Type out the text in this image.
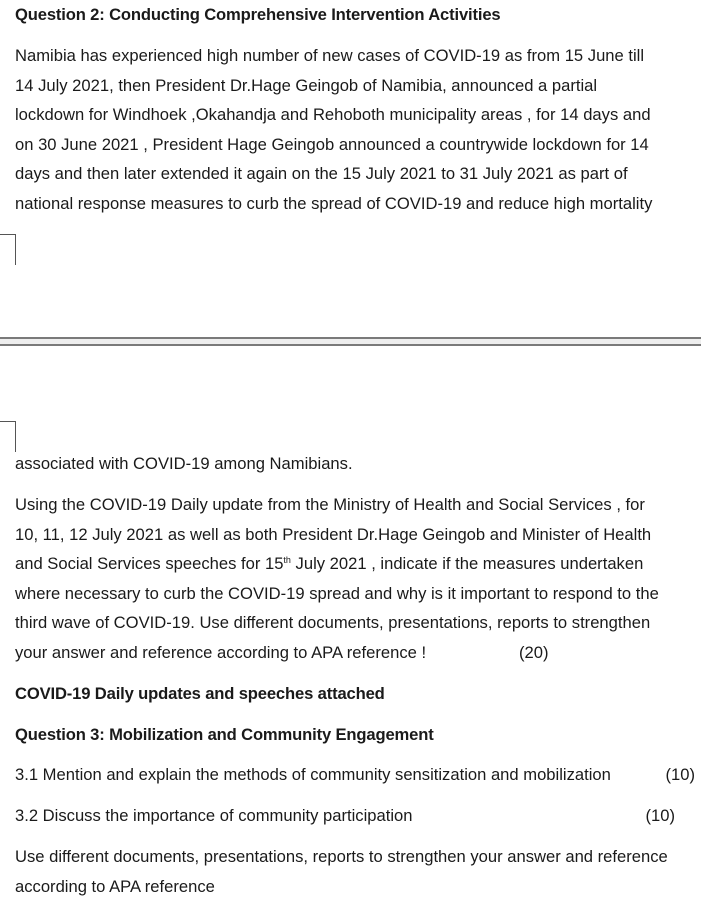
Question 2: Conducting Comprehensive Intervention Activities
Namibia has experienced high number of new cases of COVID-19 as from 15 June till
14 July 2021, then President Dr.Hage Geingob of Namibia, announced a partial
lockdown for Windhoek ,Okahandja and Rehoboth municipality areas , for 14 days and
on 30 June 2021 , President Hage Geingob announced a countrywide lockdown for 14
days and then later extended it again on the 15 July 2021 to 31 July 2021 as part of
national response measures to curb the spread of COVID-19 and reduce high mortality
associated with COVID-19 among Namibians.
Using the COVID-19 Daily update from the Ministry of Health and Social Services , for
10, 11, 12 July 2021 as well as both President Dr.Hage Geingob and Minister of Health
and Social Services speeches for 15th July 2021 , indicate if the measures undertaken
where necessary to curb the COVID-19 spread and why is it important to respond to the
third wave of COVID-19. Use different documents, presentations, reports to strengthen
your answer and reference according to APA reference !	(20)
COVID-19 Daily updates and speeches attached
Question 3: Mobilization and Community Engagement
3.1 Mention and explain the methods of community sensitization and mobilization	(10)
3.2 Discuss the importance of community participation	(10)
Use different documents, presentations, reports to strengthen your answer and reference
according to APA reference
